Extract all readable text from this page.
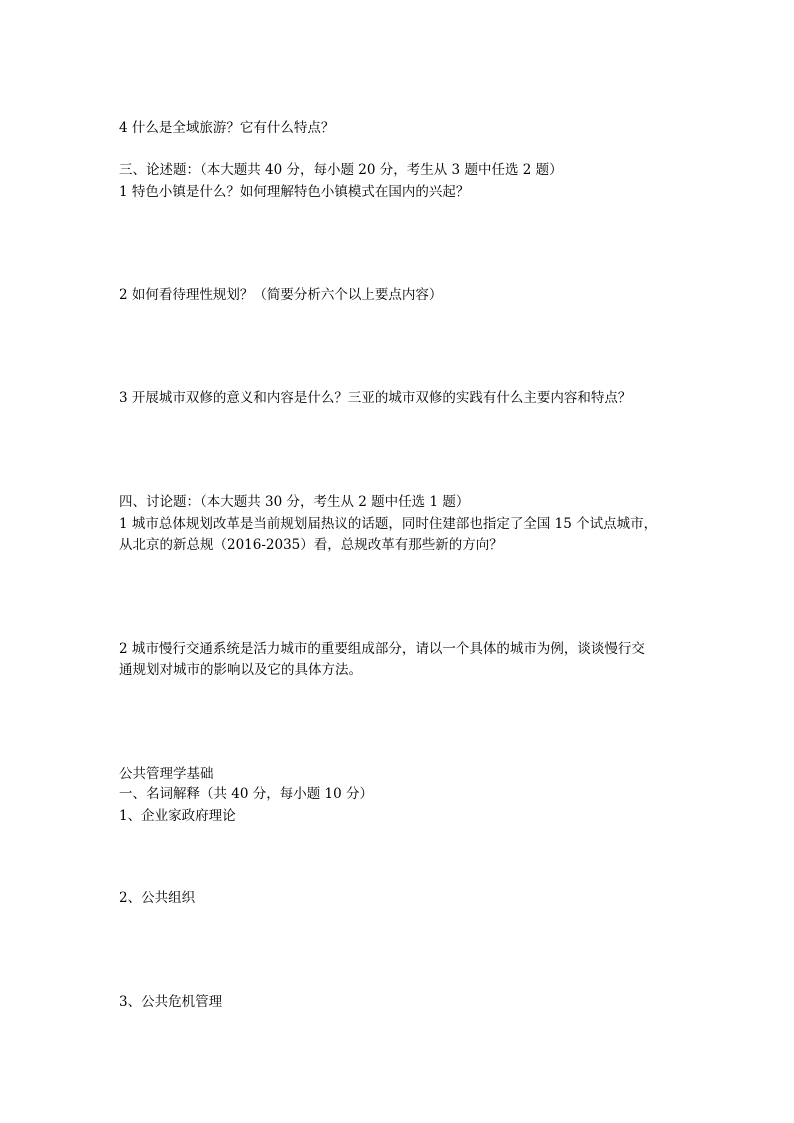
4 什么是全域旅游？它有什么特点？
三、论述题：（本大题共 40 分，每小题 20 分，考生从 3 题中任选 2 题）
1 特色小镇是什么？如何理解特色小镇模式在国内的兴起？
2 如何看待理性规划？（简要分析六个以上要点内容）
3 开展城市双修的意义和内容是什么？三亚的城市双修的实践有什么主要内容和特点？
四、讨论题：（本大题共 30 分，考生从 2 题中任选 1 题）
1 城市总体规划改革是当前规划届热议的话题，同时住建部也指定了全国 15 个试点城市，
从北京的新总规（2016-2035）看，总规改革有那些新的方向？
2 城市慢行交通系统是活力城市的重要组成部分，请以一个具体的城市为例，谈谈慢行交
通规划对城市的影响以及它的具体方法。
公共管理学基础
一、名词解释（共 40 分，每小题 10 分）
1、企业家政府理论
2、公共组织
3、公共危机管理
